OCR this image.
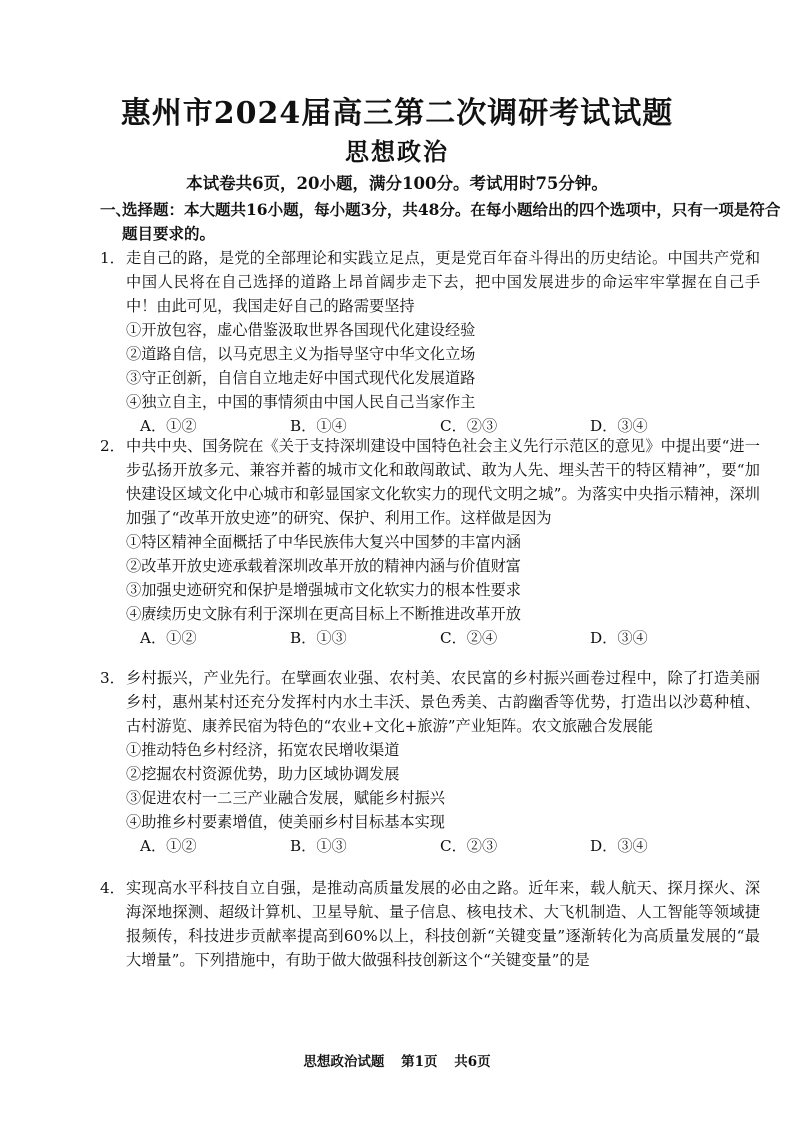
惠州市2024届高三第二次调研考试试题
思想政治
本试卷共6页，20小题，满分100分。考试用时75分钟。
一、
选择题：本大题共16小题，每小题3分，共48分。在每小题给出的四个选项中，只有一项是符合题目要求的。
1． 走自己的路，是党的全部理论和实践立足点，更是党百年奋斗得出的历史结论。中国共产党和中国人民将在自己选择的道路上昂首阔步走下去，把中国发展进步的命运牢牢掌握在自己手中！由此可见，我国走好自己的路需要坚持
①开放包容，虚心借鉴汲取世界各国现代化建设经验
②道路自信，以马克思主义为指导坚守中华文化立场
③守正创新，自信自立地走好中国式现代化发展道路
④独立自主，中国的事情须由中国人民自己当家作主
A．①②	B．①④	C．②③	D．③④
2． 中共中央、国务院在《关于支持深圳建设中国特色社会主义先行示范区的意见》中提出要“进一步弘扬开放多元、兼容并蓄的城市文化和敢闯敢试、敢为人先、埋头苦干的特区精神”，要“加快建设区域文化中心城市和彰显国家文化软实力的现代文明之城”。为落实中央指示精神，深圳加强了“改革开放史迹”的研究、保护、利用工作。这样做是因为
①特区精神全面概括了中华民族伟大复兴中国梦的丰富内涵
②改革开放史迹承载着深圳改革开放的精神内涵与价值财富
③加强史迹研究和保护是增强城市文化软实力的根本性要求
④赓续历史文脉有利于深圳在更高目标上不断推进改革开放
A．①②	B．①③	C．②④	D．③④
3． 乡村振兴，产业先行。在擘画农业强、农村美、农民富的乡村振兴画卷过程中，除了打造美丽乡村，惠州某村还充分发挥村内水土丰沃、景色秀美、古韵幽香等优势，打造出以沙葛种植、古村游览、康养民宿为特色的“农业+文化+旅游”产业矩阵。农文旅融合发展能
①推动特色乡村经济，拓宽农民增收渠道
②挖掘农村资源优势，助力区域协调发展
③促进农村一二三产业融合发展，赋能乡村振兴
④助推乡村要素增值，使美丽乡村目标基本实现
A．①②	B．①③	C．②③	D．③④
4． 实现高水平科技自立自强，是推动高质量发展的必由之路。近年来，载人航天、探月探火、深海深地探测、超级计算机、卫星导航、量子信息、核电技术、大飞机制造、人工智能等领域捷报频传，科技进步贡献率提高到60%以上，科技创新“关键变量”逐渐转化为高质量发展的“最大增量”。下列措施中，有助于做大做强科技创新这个“关键变量”的是
思想政治试题 第1页 共6页
